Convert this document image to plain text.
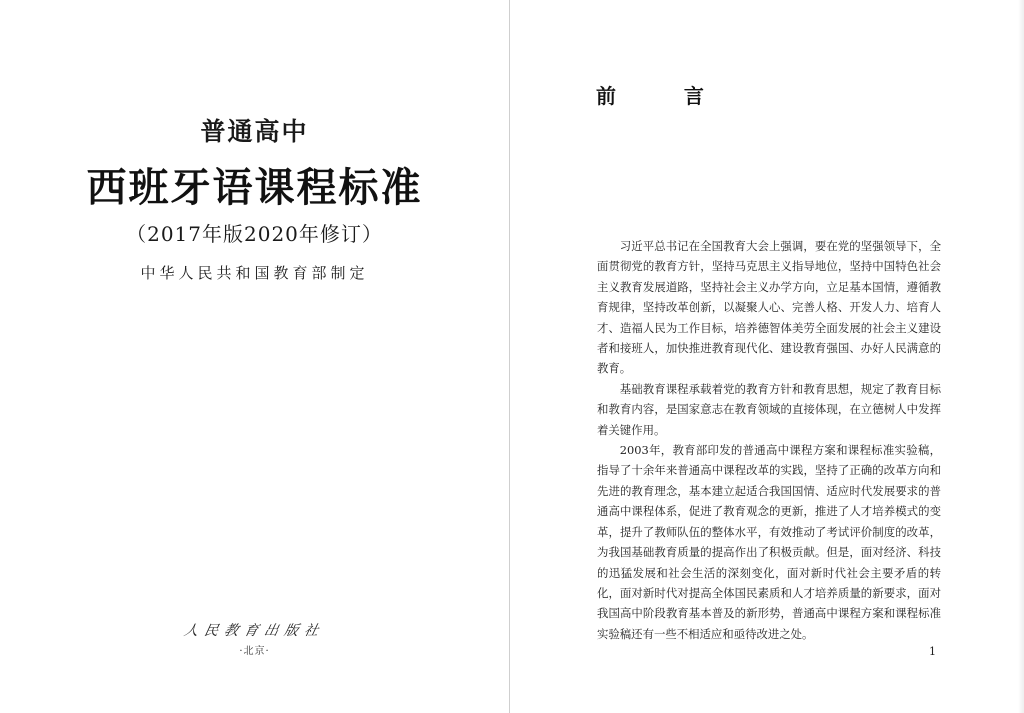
普通高中
西班牙语课程标准
（2017年版2020年修订）
中华人民共和国教育部制定
人民教育出版社
·北京·
前  言

习近平总书记在全国教育大会上强调，要在党的坚强领导下，全面贯彻党的教育方针，坚持马克思主义指导地位，坚持中国特色社会主义教育发展道路，坚持社会主义办学方向，立足基本国情，遵循教育规律，坚持改革创新，以凝聚人心、完善人格、开发人力、培育人才、造福人民为工作目标，培养德智体美劳全面发展的社会主义建设者和接班人，加快推进教育现代化、建设教育强国、办好人民满意的教育。

基础教育课程承载着党的教育方针和教育思想，规定了教育目标和教育内容，是国家意志在教育领域的直接体现，在立德树人中发挥着关键作用。

2003年，教育部印发的普通高中课程方案和课程标准实验稿，指导了十余年来普通高中课程改革的实践，坚持了正确的改革方向和先进的教育理念，基本建立起适合我国国情、适应时代发展要求的普通高中课程体系，促进了教育观念的更新，推进了人才培养模式的变革，提升了教师队伍的整体水平，有效推动了考试评价制度的改革，为我国基础教育质量的提高作出了积极贡献。但是，面对经济、科技的迅猛发展和社会生活的深刻变化，面对新时代社会主要矛盾的转化，面对新时代对提高全体国民素质和人才培养质量的新要求，面对我国高中阶段教育基本普及的新形势，普通高中课程方案和课程标准实验稿还有一些不相适应和亟待改进之处。

1
